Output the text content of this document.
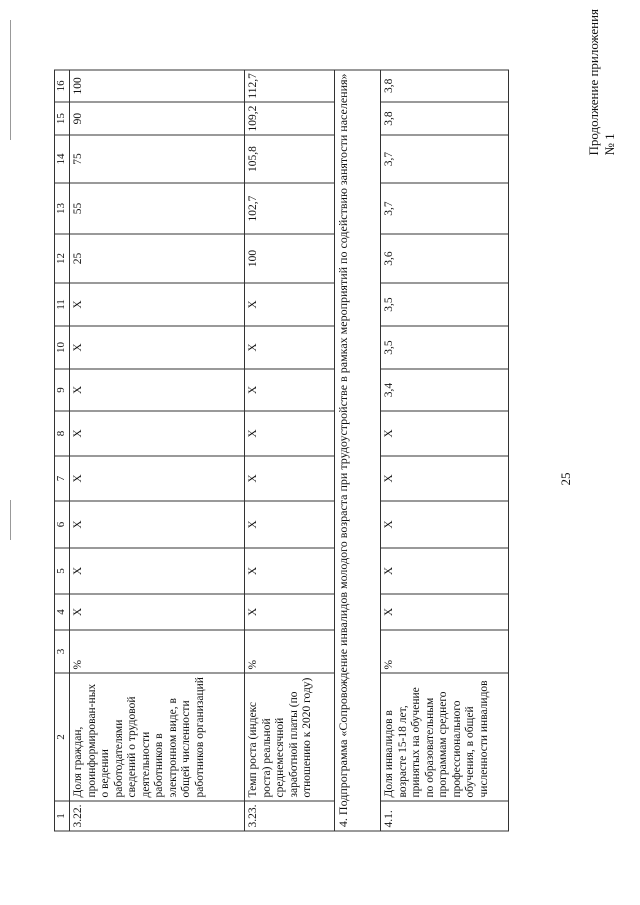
25
Продолжение приложения № 1
1	2	3	4	5	6	7	8	9	10	11	12	13	14	15	16
3.22.	Доля граждан, проинформирован-ных о ведении работодателями сведений о трудовой деятельности работников в электронном виде, в общей численности работников организаций	%	Х	Х	Х	Х	Х	Х	Х	Х	25	55	75	90	100
3.23.	Темп роста (индекс роста) реальной среднемесячной заработной платы (по отношению к 2020 году)	%	Х	Х	Х	Х	Х	Х	Х	Х	100	102,7	105,8	109,2	112,7
4. Подпрограмма «Сопровождение инвалидов молодого возраста при трудоустройстве в рамках мероприятий по содействию занятости населения»															
4.1.	Доля инвалидов в возрасте 15-18 лет, принятых на обучение по образовательным программам среднего профессионального обучения, в общей численности инвалидов	%	Х	Х	Х	Х	Х	3,4	3,5	3,5	3,6	3,7	3,7	3,8	3,8
